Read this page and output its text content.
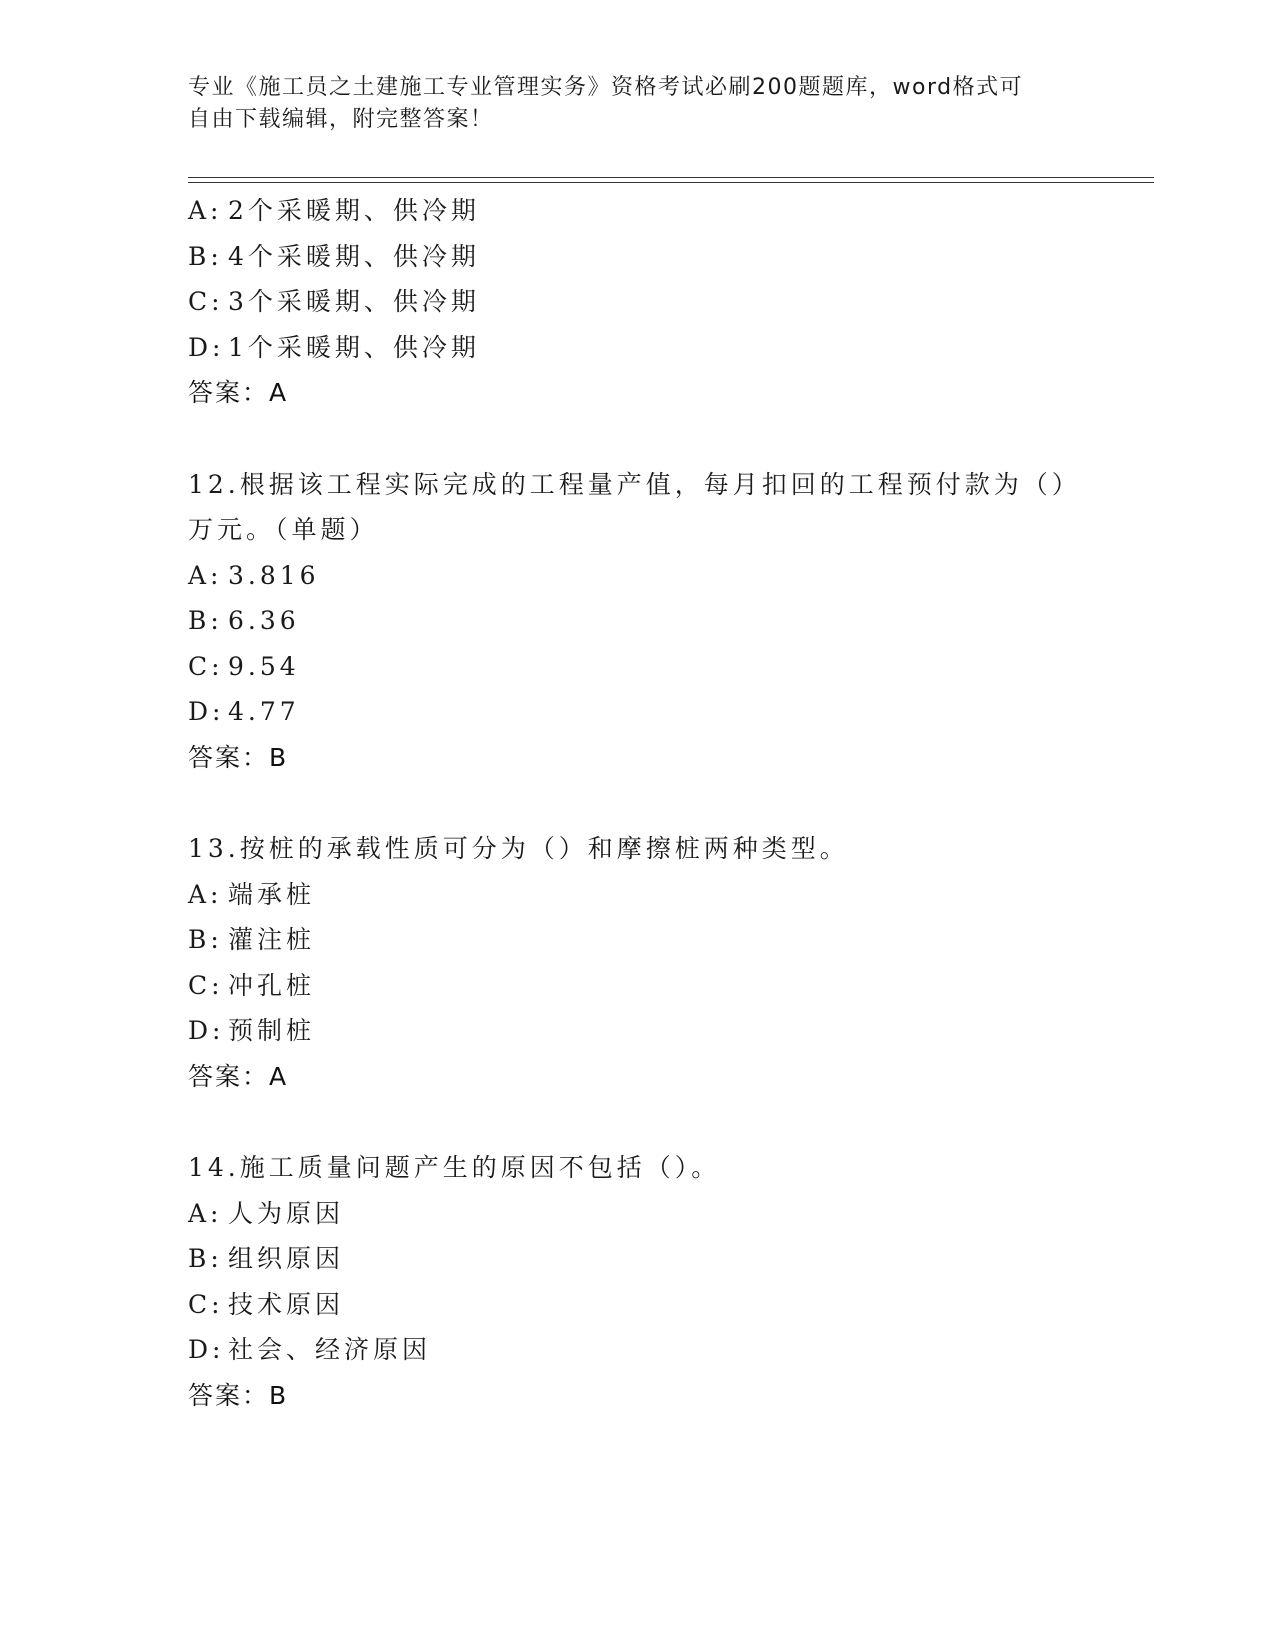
专业《施工员之土建施工专业管理实务》资格考试必刷200题题库，word格式可
自由下载编辑，附完整答案！
A: 2个采暖期、供冷期
B: 4个采暖期、供冷期
C: 3个采暖期、供冷期
D: 1个采暖期、供冷期
答案：A
12.根据该工程实际完成的工程量产值，每月扣回的工程预付款为（）
万元。（单题）
A: 3.816
B: 6.36
C: 9.54
D: 4.77
答案：B
13.按桩的承载性质可分为（）和摩擦桩两种类型。
A: 端承桩
B: 灌注桩
C: 冲孔桩
D: 预制桩
答案：A
14.施工质量问题产生的原因不包括（）。
A: 人为原因
B: 组织原因
C: 技术原因
D: 社会、经济原因
答案：B
